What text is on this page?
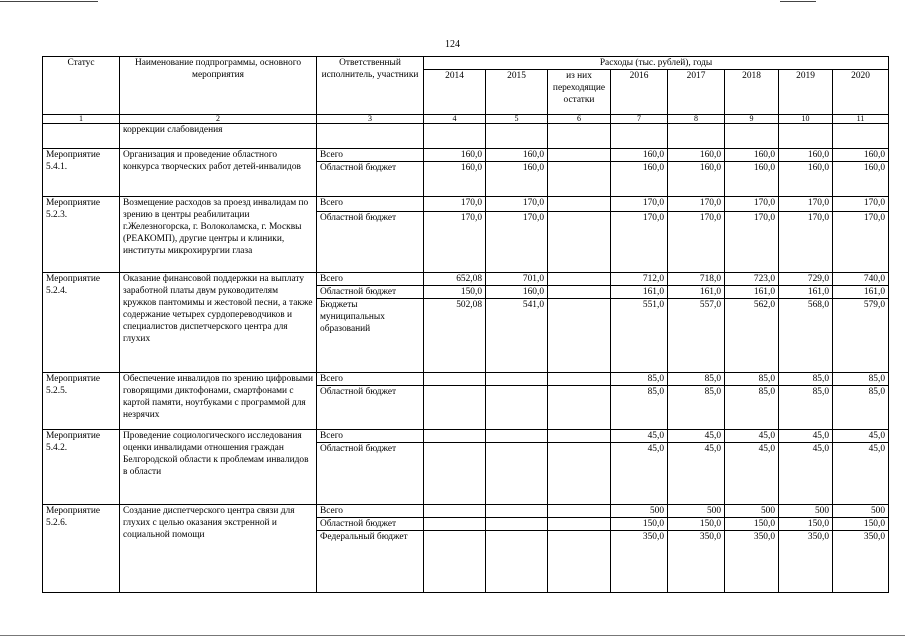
124
Статус	Наименование подпрограммы, основного мероприятия	Ответственный исполнитель, участники	Расходы (тыс. рублей), годы							
			2014	2015	из них переходящие остатки	2016	2017	2018	2019	2020
1	2	3	4	5	6	7	8	9	10	11
	коррекции слабовидения									
Мероприятие 5.4.1.	Организация и проведение областного конкурса творческих работ детей-инвалидов	Всего	160,0	160,0		160,0	160,0	160,0	160,0	160,0
		Областной бюджет	160,0	160,0		160,0	160,0	160,0	160,0	160,0
Мероприятие 5.2.3.	Возмещение расходов за проезд инвалидам по зрению в центры реабилитации г.Железногорска, г. Волоколамска, г. Москвы (РЕАКОМП), другие центры и клиники, институты микрохирургии глаза	Всего	170,0	170,0		170,0	170,0	170,0	170,0	170,0
		Областной бюджет	170,0	170,0		170,0	170,0	170,0	170,0	170,0
Мероприятие 5.2.4.	Оказание финансовой поддержки на выплату заработной платы двум руководителям кружков пантомимы и жестовой песни, а также содержание четырех сурдопереводчиков и специалистов диспетчерского центра для глухих	Всего	652,08	701,0		712,0	718,0	723,0	729,0	740,0
		Областной бюджет	150,0	160,0		161,0	161,0	161,0	161,0	161,0
		Бюджеты муниципальных образований	502,08	541,0		551,0	557,0	562,0	568,0	579,0
Мероприятие 5.2.5.	Обеспечение инвалидов по зрению цифровыми говорящими диктофонами, смартфонами с картой памяти, ноутбуками с программой для незрячих	Всего				85,0	85,0	85,0	85,0	85,0
		Областной бюджет				85,0	85,0	85,0	85,0	85,0
Мероприятие 5.4.2.	Проведение социологического исследования оценки инвалидами отношения граждан Белгородской области к проблемам инвалидов в области	Всего				45,0	45,0	45,0	45,0	45,0
		Областной бюджет				45,0	45,0	45,0	45,0	45,0
Мероприятие 5.2.6.	Создание диспетчерского центра связи для глухих с целью оказания экстренной и социальной помощи	Всего				500	500	500	500	500
		Областной бюджет				150,0	150,0	150,0	150,0	150,0
		Федеральный бюджет				350,0	350,0	350,0	350,0	350,0
